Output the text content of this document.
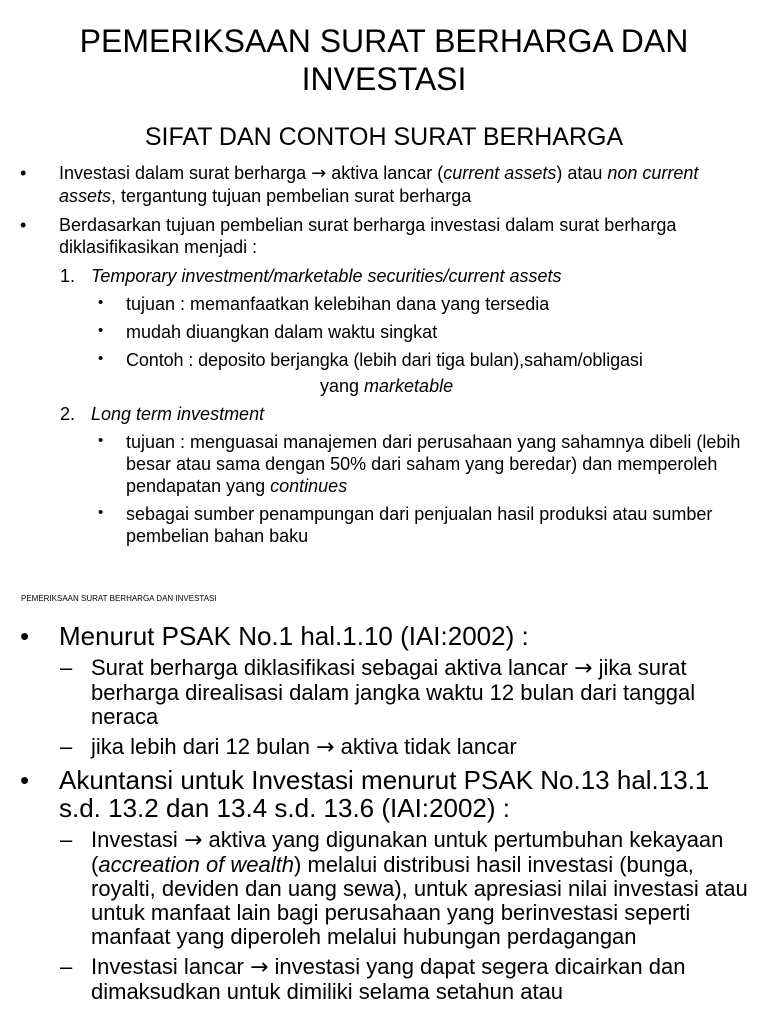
PEMERIKSAAN SURAT BERHARGA DAN

INVESTASI

SIFAT DAN CONTOH SURAT BERHARGA
• Investasi dalam surat berharga → aktiva lancar (current assets) atau non current assets, tergantung tujuan pembelian surat berharga
• Berdasarkan tujuan pembelian surat berharga investasi dalam surat berharga diklasifikasikan menjadi :
1. Temporary investment/marketable securities/current assets
• tujuan : memanfaatkan kelebihan dana yang tersedia
• mudah diuangkan dalam waktu singkat
• Contoh : deposito berjangka (lebih dari tiga bulan),saham/obligasi
yang marketable
2. Long term investment
• tujuan : menguasai manajemen dari perusahaan yang sahamnya dibeli (lebih besar atau sama dengan 50% dari saham yang beredar) dan memperoleh pendapatan yang continues
• sebagai sumber penampungan dari penjualan hasil produksi atau sumber pembelian bahan baku
PEMERIKSAAN SURAT BERHARGA DAN INVESTASI
• Menurut PSAK No.1 hal.1.10 (IAI:2002) :
– Surat berharga diklasifikasi sebagai aktiva lancar → jika surat berharga direalisasi dalam jangka waktu 12 bulan dari tanggal neraca
– jika lebih dari 12 bulan → aktiva tidak lancar
• Akuntansi untuk Investasi menurut PSAK No.13 hal.13.1 s.d. 13.2 dan 13.4 s.d. 13.6 (IAI:2002) :
– Investasi → aktiva yang digunakan untuk pertumbuhan kekayaan (accreation of wealth) melalui distribusi hasil investasi (bunga, royalti, deviden dan uang sewa), untuk apresiasi nilai investasi atau untuk manfaat lain bagi perusahaan yang berinvestasi seperti manfaat yang diperoleh melalui hubungan perdagangan
– Investasi lancar → investasi yang dapat segera dicairkan dan dimaksudkan untuk dimiliki selama setahun atau
